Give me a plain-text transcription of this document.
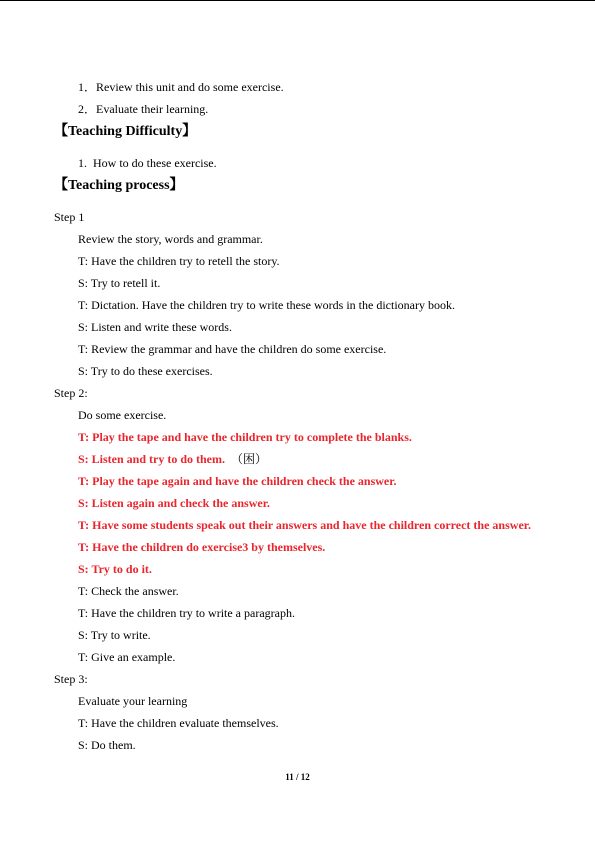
1．Review this unit and do some exercise.
2．Evaluate their learning.
【Teaching Difficulty】
1. How to do these exercise.
【Teaching process】
Step 1
Review the story, words and grammar.
T: Have the children try to retell the story.
S: Try to retell it.
T: Dictation. Have the children try to write these words in the dictionary book.
S: Listen and write these words.
T: Review the grammar and have the children do some exercise.
S: Try to do these exercises.
Step 2:
Do some exercise.
T: Play the tape and have the children try to complete the blanks.
S: Listen and try to do them. （困）
T: Play the tape again and have the children check the answer.
S: Listen again and check the answer.
T: Have some students speak out their answers and have the children correct the answer.
T: Have the children do exercise3 by themselves.
S: Try to do it.
T: Check the answer.
T: Have the children try to write a paragraph.
S: Try to write.
T: Give an example.
Step 3:
Evaluate your learning
T: Have the children evaluate themselves.
S: Do them.
11 / 12
